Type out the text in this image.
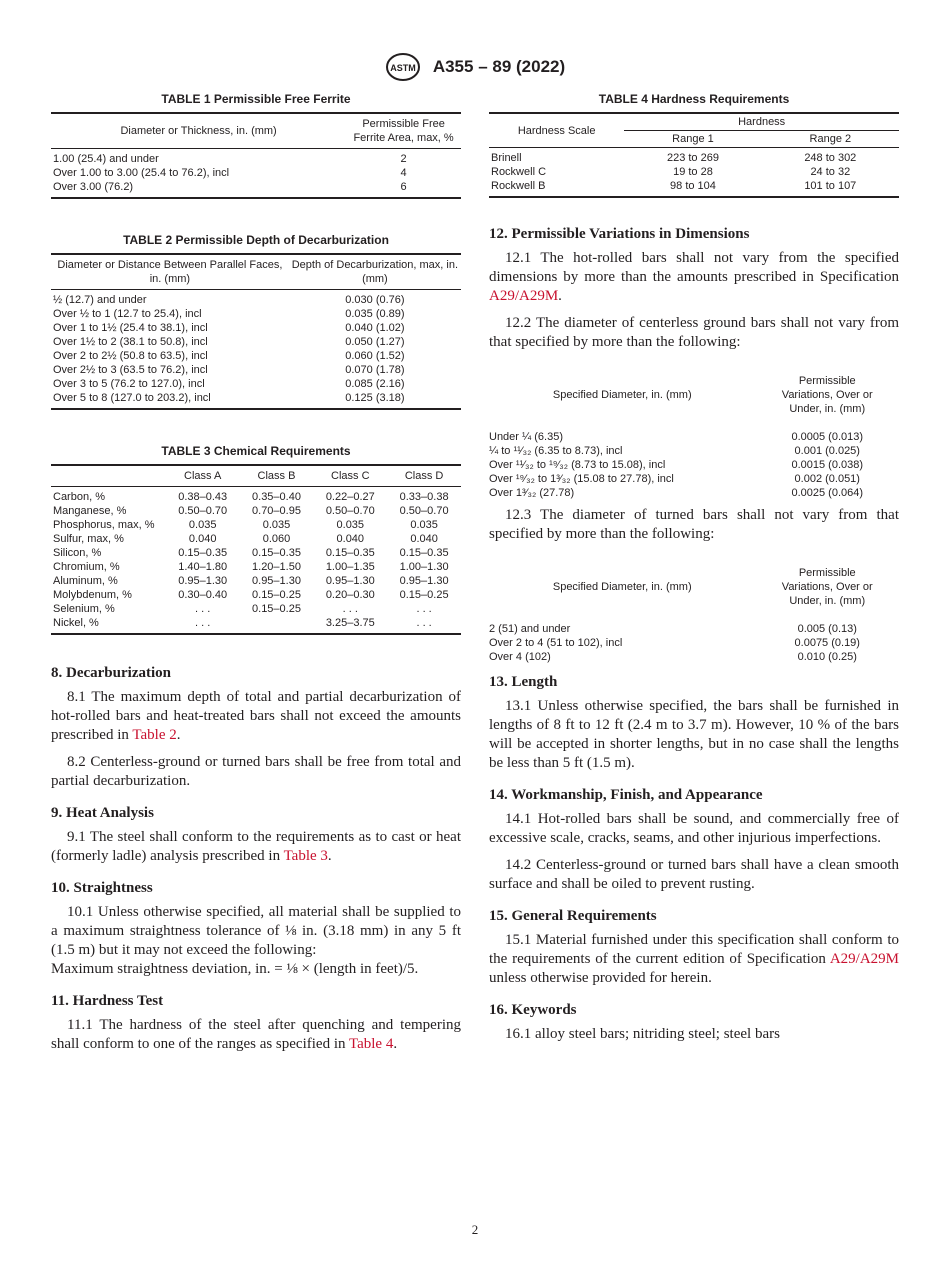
ASTM A355 – 89 (2022)

TABLE 1 Permissible Free Ferrite

Diameter or Thickness, in. (mm)	Permissible Free Ferrite Area, max, %
1.00 (25.4) and under	2
Over 1.00 to 3.00 (25.4 to 76.2), incl	4
Over 3.00 (76.2)	6

TABLE 2 Permissible Depth of Decarburization

Diameter or Distance Between Parallel Faces, in. (mm)	Depth of Decarburization, max, in. (mm)
½ (12.7) and under	0.030 (0.76)
Over ½ to 1 (12.7 to 25.4), incl	0.035 (0.89)
Over 1 to 1½ (25.4 to 38.1), incl	0.040 (1.02)
Over 1½ to 2 (38.1 to 50.8), incl	0.050 (1.27)
Over 2 to 2½ (50.8 to 63.5), incl	0.060 (1.52)
Over 2½ to 3 (63.5 to 76.2), incl	0.070 (1.78)
Over 3 to 5 (76.2 to 127.0), incl	0.085 (2.16)
Over 5 to 8 (127.0 to 203.2), incl	0.125 (3.18)

TABLE 3 Chemical Requirements

	Class A	Class B	Class C	Class D
Carbon, %	0.38–0.43	0.35–0.40	0.22–0.27	0.33–0.38
Manganese, %	0.50–0.70	0.70–0.95	0.50–0.70	0.50–0.70
Phosphorus, max, %	0.035	0.035	0.035	0.035
Sulfur, max, %	0.040	0.060	0.040	0.040
Silicon, %	0.15–0.35	0.15–0.35	0.15–0.35	0.15–0.35
Chromium, %	1.40–1.80	1.20–1.50	1.00–1.35	1.00–1.30
Aluminum, %	0.95–1.30	0.95–1.30	0.95–1.30	0.95–1.30
Molybdenum, %	0.30–0.40	0.15–0.25	0.20–0.30	0.15–0.25
Selenium, %	. . .	0.15–0.25	. . .	. . .
Nickel, %	. . .		3.25–3.75	. . .
8. Decarburization

8.1 The maximum depth of total and partial decarburization of hot-rolled bars and heat-treated bars shall not exceed the amounts prescribed in Table 2.

8.2 Centerless-ground or turned bars shall be free from total and partial decarburization.

9. Heat Analysis

9.1 The steel shall conform to the requirements as to cast or heat (formerly ladle) analysis prescribed in Table 3.

10. Straightness

10.1 Unless otherwise specified, all material shall be supplied to a maximum straightness tolerance of ⅛ in. (3.18 mm) in any 5 ft (1.5 m) but it may not exceed the following:

Maximum straightness deviation, in. = ⅛ × (length in feet)/5.
11. Hardness Test

11.1 The hardness of the steel after quenching and tempering shall conform to one of the ranges as specified in Table 4.

TABLE 4 Hardness Requirements

Hardness Scale	Hardness	
	Range 1	Range 2
Brinell	223 to 269	248 to 302
Rockwell C	19 to 28	24 to 32
Rockwell B	98 to 104	101 to 107
12. Permissible Variations in Dimensions

12.1 The hot-rolled bars shall not vary from the specified dimensions by more than the amounts prescribed in Specification A29/A29M.

12.2 The diameter of centerless ground bars shall not vary from that specified by more than the following:

Specified Diameter, in. (mm)	Permissible Variations, Over or Under, in. (mm)
Under ¼ (6.35)	0.0005 (0.013)
¼ to ¹¹⁄₃₂ (6.35 to 8.73), incl	0.001 (0.025)
Over ¹¹⁄₃₂ to ¹⁹⁄₃₂ (8.73 to 15.08), incl	0.0015 (0.038)
Over ¹⁹⁄₃₂ to 1³⁄₃₂ (15.08 to 27.78), incl	0.002 (0.051)
Over 1³⁄₃₂ (27.78)	0.0025 (0.064)

12.3 The diameter of turned bars shall not vary from that specified by more than the following:

Specified Diameter, in. (mm)	Permissible Variations, Over or Under, in. (mm)
2 (51) and under	0.005 (0.13)
Over 2 to 4 (51 to 102), incl	0.0075 (0.19)
Over 4 (102)	0.010 (0.25)
13. Length

13.1 Unless otherwise specified, the bars shall be furnished in lengths of 8 ft to 12 ft (2.4 m to 3.7 m). However, 10 % of the bars will be accepted in shorter lengths, but in no case shall the lengths be less than 5 ft (1.5 m).

14. Workmanship, Finish, and Appearance

14.1 Hot-rolled bars shall be sound, and commercially free of excessive scale, cracks, seams, and other injurious imperfections.

14.2 Centerless-ground or turned bars shall have a clean smooth surface and shall be oiled to prevent rusting.

15. General Requirements

15.1 Material furnished under this specification shall conform to the requirements of the current edition of Specification A29/A29M unless otherwise provided for herein.

16. Keywords

16.1 alloy steel bars; nitriding steel; steel bars

2
